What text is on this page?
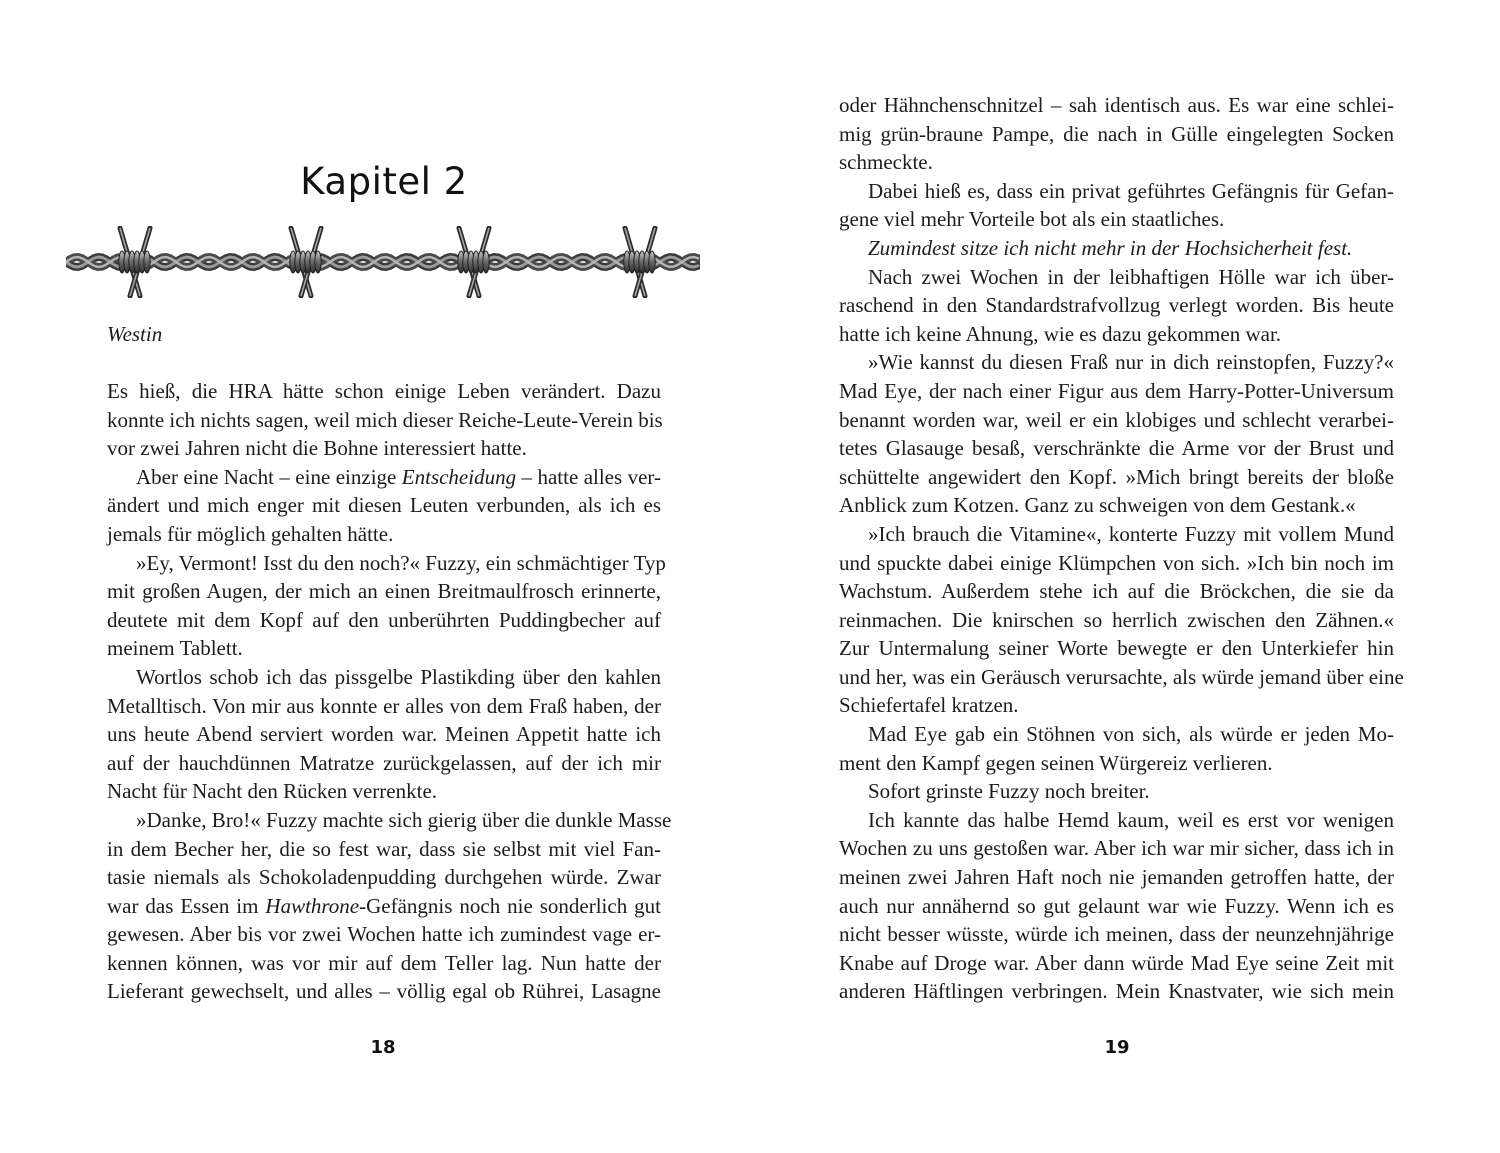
Kapitel 2

Westin

Es hieß, die HRA hätte schon einige Leben verändert. Dazu
konnte ich nichts sagen, weil mich dieser Reiche-Leute-Verein bis
vor zwei Jahren nicht die Bohne interessiert hatte.
Aber eine Nacht – eine einzige Entscheidung – hatte alles ver-
ändert und mich enger mit diesen Leuten verbunden, als ich es
jemals für möglich gehalten hätte.
»Ey, Vermont! Isst du den noch?« Fuzzy, ein schmächtiger Typ
mit großen Augen, der mich an einen Breitmaulfrosch erinnerte,
deutete mit dem Kopf auf den unberührten Puddingbecher auf
meinem Tablett.
Wortlos schob ich das pissgelbe Plastikding über den kahlen
Metalltisch. Von mir aus konnte er alles von dem Fraß haben, der
uns heute Abend serviert worden war. Meinen Appetit hatte ich
auf der hauchdünnen Matratze zurückgelassen, auf der ich mir
Nacht für Nacht den Rücken verrenkte.
»Danke, Bro!« Fuzzy machte sich gierig über die dunkle Masse
in dem Becher her, die so fest war, dass sie selbst mit viel Fan-
tasie niemals als Schokoladenpudding durchgehen würde. Zwar
war das Essen im Hawthrone-Gefängnis noch nie sonderlich gut
gewesen. Aber bis vor zwei Wochen hatte ich zumindest vage er-
kennen können, was vor mir auf dem Teller lag. Nun hatte der
Lieferant gewechselt, und alles – völlig egal ob Rührei, Lasagne
18
oder Hähnchenschnitzel – sah identisch aus. Es war eine schlei-
mig grün-braune Pampe, die nach in Gülle eingelegten Socken
schmeckte.
Dabei hieß es, dass ein privat geführtes Gefängnis für Gefan-
gene viel mehr Vorteile bot als ein staatliches.
Zumindest sitze ich nicht mehr in der Hochsicherheit fest.
Nach zwei Wochen in der leibhaftigen Hölle war ich über-
raschend in den Standardstrafvollzug verlegt worden. Bis heute
hatte ich keine Ahnung, wie es dazu gekommen war.
»Wie kannst du diesen Fraß nur in dich reinstopfen, Fuzzy?«
Mad Eye, der nach einer Figur aus dem Harry-Potter-Universum
benannt worden war, weil er ein klobiges und schlecht verarbei-
tetes Glasauge besaß, verschränkte die Arme vor der Brust und
schüttelte angewidert den Kopf. »Mich bringt bereits der bloße
Anblick zum Kotzen. Ganz zu schweigen von dem Gestank.«
»Ich brauch die Vitamine«, konterte Fuzzy mit vollem Mund
und spuckte dabei einige Klümpchen von sich. »Ich bin noch im
Wachstum. Außerdem stehe ich auf die Bröckchen, die sie da
reinmachen. Die knirschen so herrlich zwischen den Zähnen.«
Zur Untermalung seiner Worte bewegte er den Unterkiefer hin
und her, was ein Geräusch verursachte, als würde jemand über eine
Schiefertafel kratzen.
Mad Eye gab ein Stöhnen von sich, als würde er jeden Mo-
ment den Kampf gegen seinen Würgereiz verlieren.
Sofort grinste Fuzzy noch breiter.
Ich kannte das halbe Hemd kaum, weil es erst vor wenigen
Wochen zu uns gestoßen war. Aber ich war mir sicher, dass ich in
meinen zwei Jahren Haft noch nie jemanden getroffen hatte, der
auch nur annähernd so gut gelaunt war wie Fuzzy. Wenn ich es
nicht besser wüsste, würde ich meinen, dass der neunzehnjährige
Knabe auf Droge war. Aber dann würde Mad Eye seine Zeit mit
anderen Häftlingen verbringen. Mein Knastvater, wie sich mein
19
